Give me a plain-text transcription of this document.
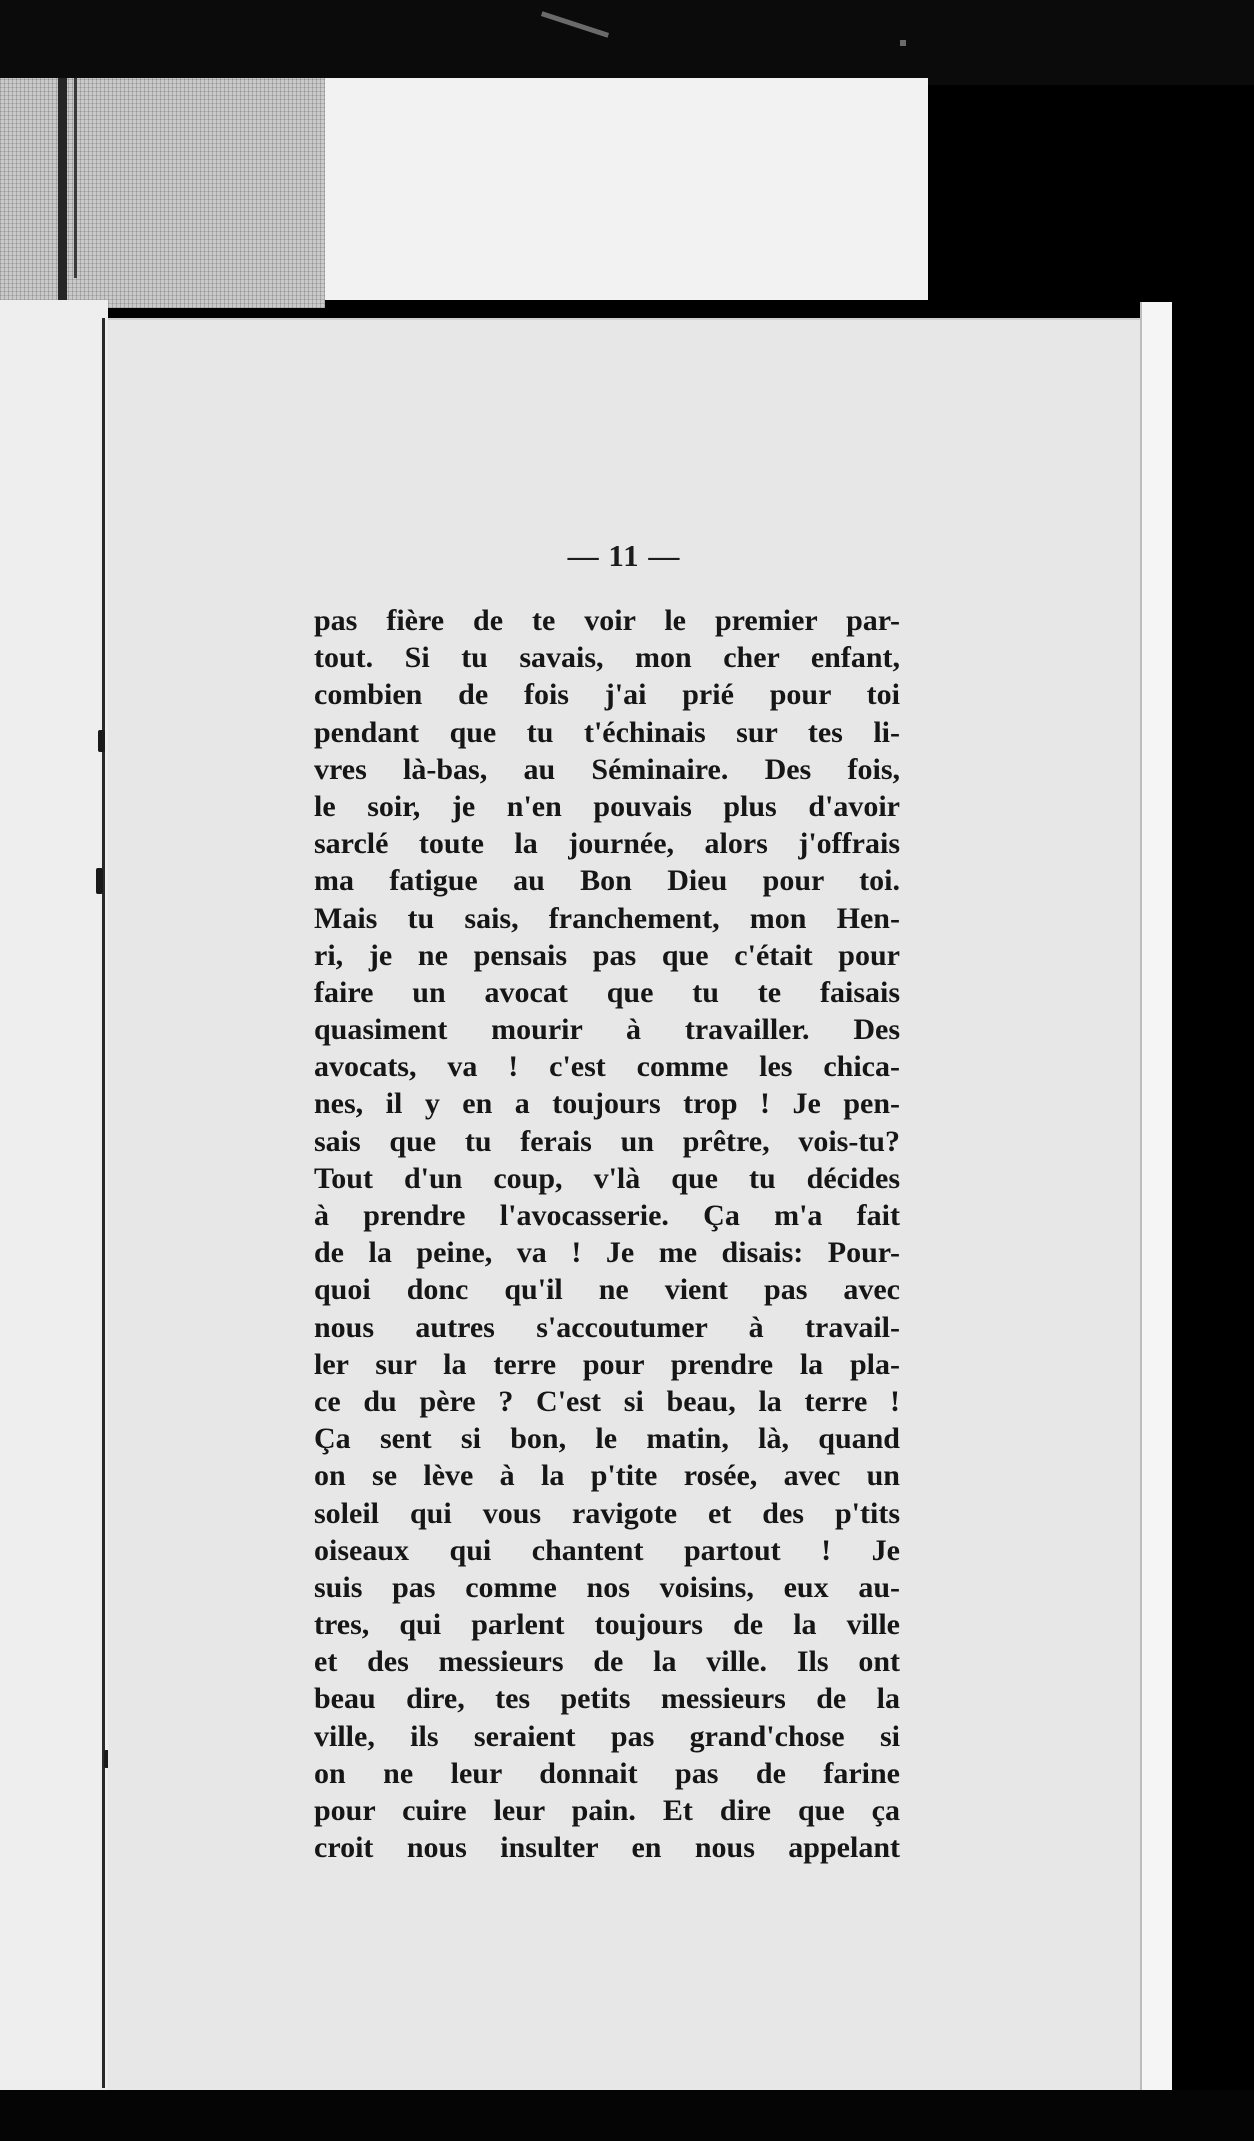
— 11 —
pas fière de te voir le premier par-
tout. Si tu savais, mon cher enfant,
combien de fois j'ai prié pour toi
pendant que tu t'échinais sur tes li-
vres là-bas, au Séminaire. Des fois,
le soir, je n'en pouvais plus d'avoir
sarclé toute la journée, alors j'offrais
ma fatigue au Bon Dieu pour toi.
Mais tu sais, franchement, mon Hen-
ri, je ne pensais pas que c'était pour
faire un avocat que tu te faisais
quasiment mourir à travailler. Des
avocats, va ! c'est comme les chica-
nes, il y en a toujours trop ! Je pen-
sais que tu ferais un prêtre, vois-tu?
Tout d'un coup, v'là que tu décides
à prendre l'avocasserie. Ça m'a fait
de la peine, va ! Je me disais: Pour-
quoi donc qu'il ne vient pas avec
nous autres s'accoutumer à travail-
ler sur la terre pour prendre la pla-
ce du père ? C'est si beau, la terre !
Ça sent si bon, le matin, là, quand
on se lève à la p'tite rosée, avec un
soleil qui vous ravigote et des p'tits
oiseaux qui chantent partout ! Je
suis pas comme nos voisins, eux au-
tres, qui parlent toujours de la ville
et des messieurs de la ville. Ils ont
beau dire, tes petits messieurs de la
ville, ils seraient pas grand'chose si
on ne leur donnait pas de farine
pour cuire leur pain. Et dire que ça
croit nous insulter en nous appelant
